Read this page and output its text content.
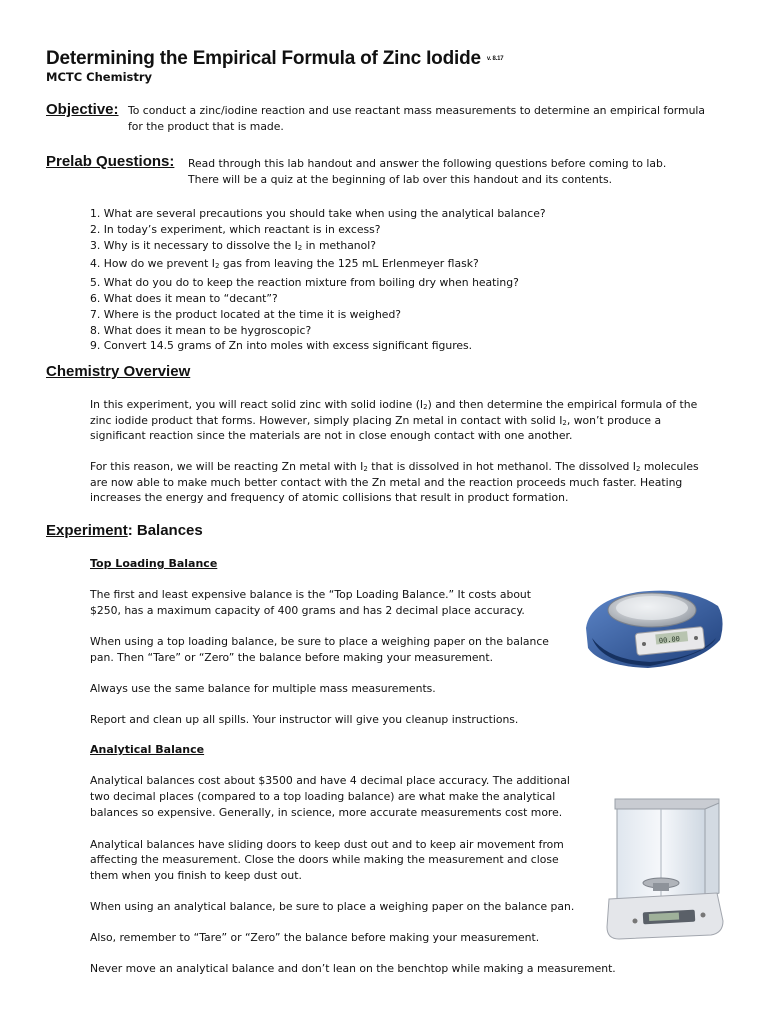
Determining the Empirical Formula of Zinc Iodide v. 8.17
MCTC Chemistry
Objective: To conduct a zinc/iodine reaction and use reactant mass measurements to determine an empirical formula
for the product that is made.
Prelab Questions: Read through this lab handout and answer the following questions before coming to lab.
There will be a quiz at the beginning of lab over this handout and its contents.
1. What are several precautions you should take when using the analytical balance?
2. In today’s experiment, which reactant is in excess?
3. Why is it necessary to dissolve the I2 in methanol?
4. How do we prevent I2 gas from leaving the 125 mL Erlenmeyer flask?
5. What do you do to keep the reaction mixture from boiling dry when heating?
6. What does it mean to “decant”?
7. Where is the product located at the time it is weighed?
8. What does it mean to be hygroscopic?
9. Convert 14.5 grams of Zn into moles with excess significant figures.
Chemistry Overview
In this experiment, you will react solid zinc with solid iodine (I2) and then determine the empirical formula of the
zinc iodide product that forms. However, simply placing Zn metal in contact with solid I2, won’t produce a
significant reaction since the materials are not in close enough contact with one another.
For this reason, we will be reacting Zn metal with I2 that is dissolved in hot methanol. The dissolved I2 molecules
are now able to make much better contact with the Zn metal and the reaction proceeds much faster. Heating
increases the energy and frequency of atomic collisions that result in product formation.
Experiment: Balances
Top Loading Balance
The first and least expensive balance is the “Top Loading Balance.” It costs about
$250, has a maximum capacity of 400 grams and has 2 decimal place accuracy.
When using a top loading balance, be sure to place a weighing paper on the balance
pan. Then “Tare” or “Zero” the balance before making your measurement.
Always use the same balance for multiple mass measurements.
Report and clean up all spills. Your instructor will give you cleanup instructions.
00.00
Analytical Balance
Analytical balances cost about $3500 and have 4 decimal place accuracy. The additional
two decimal places (compared to a top loading balance) are what make the analytical
balances so expensive. Generally, in science, more accurate measurements cost more.
Analytical balances have sliding doors to keep dust out and to keep air movement from
affecting the measurement. Close the doors while making the measurement and close
them when you finish to keep dust out.
When using an analytical balance, be sure to place a weighing paper on the balance pan.
Also, remember to “Tare” or “Zero” the balance before making your measurement.
Never move an analytical balance and don’t lean on the benchtop while making a measurement.
